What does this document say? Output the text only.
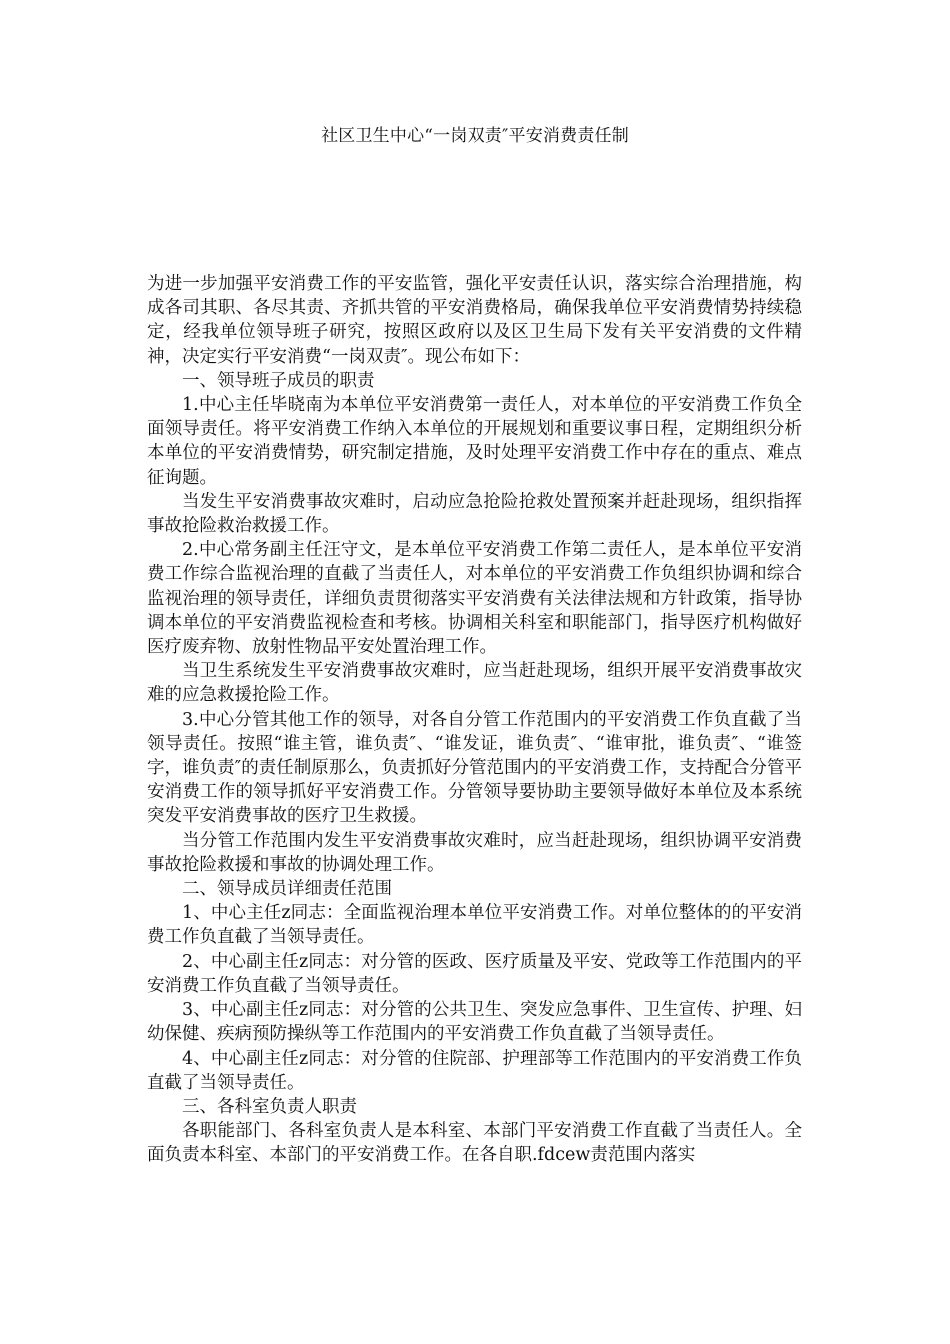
社区卫生中心“一岗双责″平安消费责任制

为进一步加强平安消费工作的平安监管，强化平安责任认识，落实综合治理措施，构成各司其职、各尽其责、齐抓共管的平安消费格局，确保我单位平安消费情势持续稳定，经我单位领导班子研究，按照区政府以及区卫生局下发有关平安消费的文件精神，决定实行平安消费“一岗双责″。现公布如下：

一、领导班子成员的职责

1.中心主任毕晓南为本单位平安消费第一责任人，对本单位的平安消费工作负全面领导责任。将平安消费工作纳入本单位的开展规划和重要议事日程，定期组织分析本单位的平安消费情势，研究制定措施，及时处理平安消费工作中存在的重点、难点征询题。

当发生平安消费事故灾难时，启动应急抢险抢救处置预案并赶赴现场，组织指挥事故抢险救治救援工作。

2.中心常务副主任汪守文，是本单位平安消费工作第二责任人，是本单位平安消费工作综合监视治理的直截了当责任人，对本单位的平安消费工作负组织协调和综合监视治理的领导责任，详细负责贯彻落实平安消费有关法律法规和方针政策，指导协调本单位的平安消费监视检查和考核。协调相关科室和职能部门，指导医疗机构做好医疗废弃物、放射性物品平安处置治理工作。

当卫生系统发生平安消费事故灾难时，应当赶赴现场，组织开展平安消费事故灾难的应急救援抢险工作。

3.中心分管其他工作的领导，对各自分管工作范围内的平安消费工作负直截了当领导责任。按照“谁主管，谁负责″、“谁发证，谁负责″、“谁审批，谁负责″、“谁签字，谁负责″的责任制原那么，负责抓好分管范围内的平安消费工作，支持配合分管平安消费工作的领导抓好平安消费工作。分管领导要协助主要领导做好本单位及本系统突发平安消费事故的医疗卫生救援。

当分管工作范围内发生平安消费事故灾难时，应当赶赴现场，组织协调平安消费事故抢险救援和事故的协调处理工作。

二、领导成员详细责任范围

1、中心主任z同志：全面监视治理本单位平安消费工作。对单位整体的的平安消费工作负直截了当领导责任。

2、中心副主任z同志：对分管的医政、医疗质量及平安、党政等工作范围内的平安消费工作负直截了当领导责任。

3、中心副主任z同志：对分管的公共卫生、突发应急事件、卫生宣传、护理、妇幼保健、疾病预防操纵等工作范围内的平安消费工作负直截了当领导责任。

4、中心副主任z同志：对分管的住院部、护理部等工作范围内的平安消费工作负直截了当领导责任。

三、各科室负责人职责

各职能部门、各科室负责人是本科室、本部门平安消费工作直截了当责任人。全面负责本科室、本部门的平安消费工作。在各自职.fdcew责范围内落实
